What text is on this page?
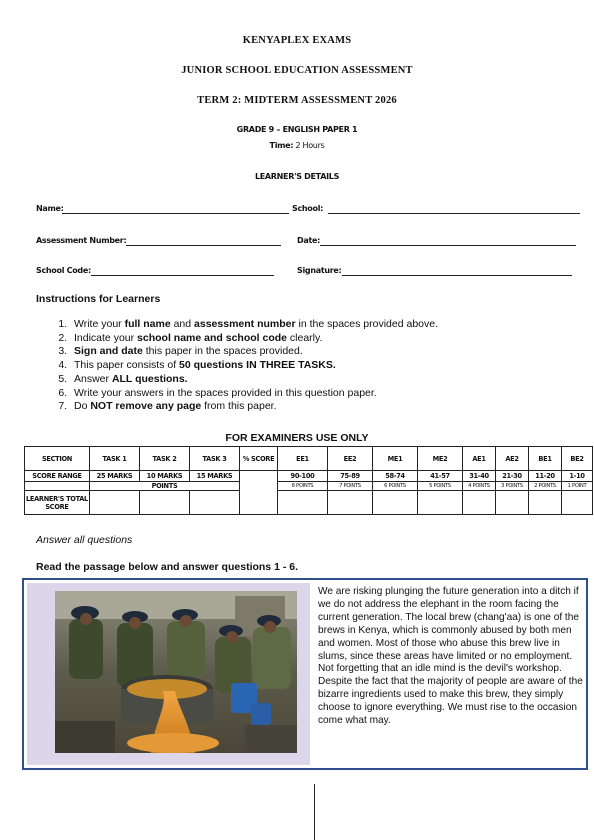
KENYAPLEX EXAMS
JUNIOR SCHOOL EDUCATION ASSESSMENT
TERM 2: MIDTERM ASSESSMENT 2026
GRADE 9 – ENGLISH PAPER 1
Time: 2 Hours
LEARNER'S DETAILS
Name:	School:
Assessment Number:	Date:
School Code:	Signature:
Instructions for Learners
1. Write your full name and assessment number in the spaces provided above.
2. Indicate your school name and school code clearly.
3. Sign and date this paper in the spaces provided.
4. This paper consists of 50 questions IN THREE TASKS.
5. Answer ALL questions.
6. Write your answers in the spaces provided in this question paper.
7. Do NOT remove any page from this paper.
FOR EXAMINERS USE ONLY
SECTION	TASK 1	TASK 2	TASK 3	% SCORE	EE1	EE2	ME1	ME2	AE1	AE2	BE1	BE2
SCORE RANGE	25 MARKS	10 MARKS	15 MARKS		90-100	75-89	58-74	41-57	31-40	21-30	11-20	1-10
	POINTS				8 POINTS	7 POINTS	6 POINTS	5 POINTS	4 POINTS	3 POINTS	2 POINTS	1 POINT
LEARNER'S TOTAL SCORE												
Answer all questions
Read the passage below and answer questions 1 - 6.
We are risking plunging the future generation into a ditch if we do not address the elephant in the room facing the current generation. The local brew (chang'aa) is one of the brews in Kenya, which is commonly abused by both men and women. Most of those who abuse this brew live in slums, since these areas have limited or no employment. Not forgetting that an idle mind is the devil's workshop. Despite the fact that the majority of people are aware of the bizarre ingredients used to make this brew, they simply choose to ignore everything. We must rise to the occasion come what may.
